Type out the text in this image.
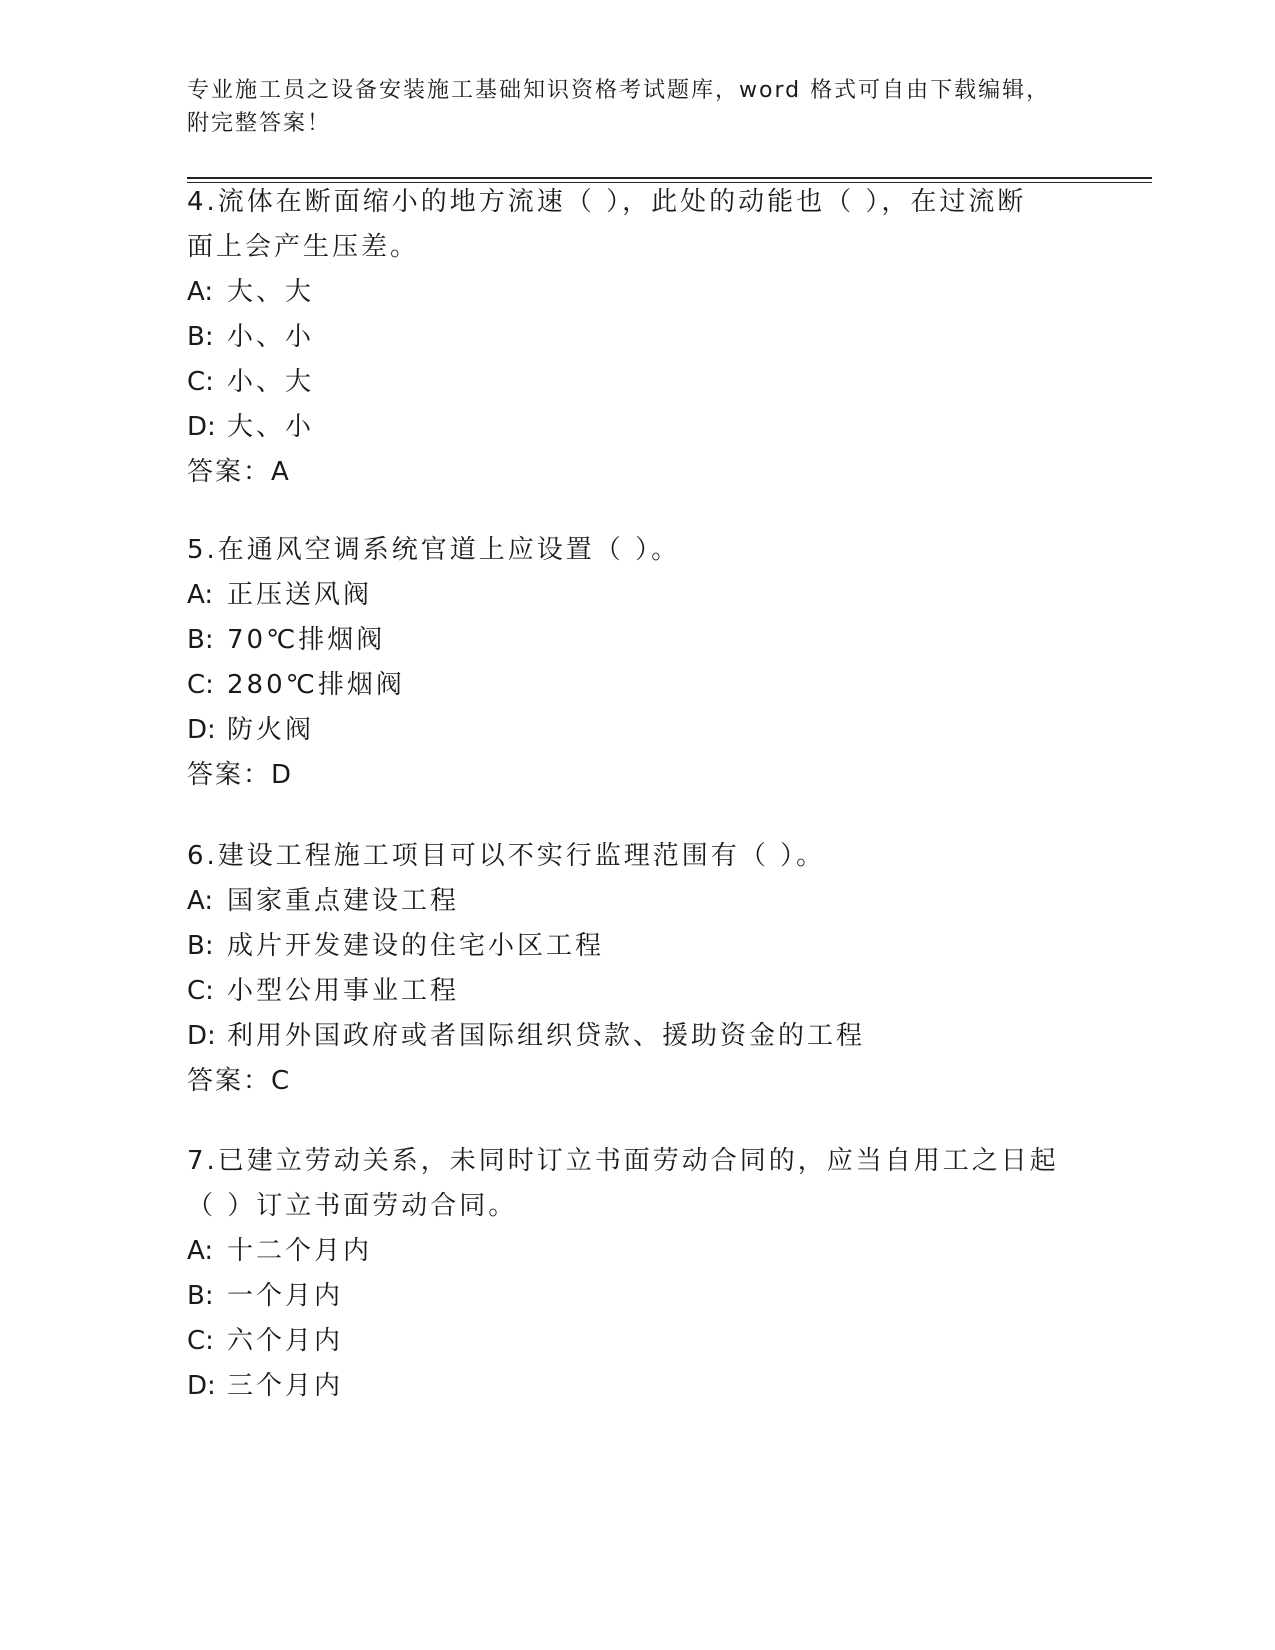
专业施工员之设备安装施工基础知识资格考试题库，word 格式可自由下载编辑，
附完整答案！

4.流体在断面缩小的地方流速（ ），此处的动能也（ ），在过流断

面上会产生压差。

A: 大、大

B: 小、小

C: 小、大

D: 大、小

答案：A

5.在通风空调系统官道上应设置（ ）。

A: 正压送风阀

B: 70℃排烟阀

C: 280℃排烟阀

D: 防火阀

答案：D

6.建设工程施工项目可以不实行监理范围有（ ）。

A: 国家重点建设工程

B: 成片开发建设的住宅小区工程

C: 小型公用事业工程

D: 利用外国政府或者国际组织贷款、援助资金的工程

答案：C

7.已建立劳动关系，未同时订立书面劳动合同的，应当自用工之日起

（ ）订立书面劳动合同。

A: 十二个月内

B: 一个月内

C: 六个月内

D: 三个月内
